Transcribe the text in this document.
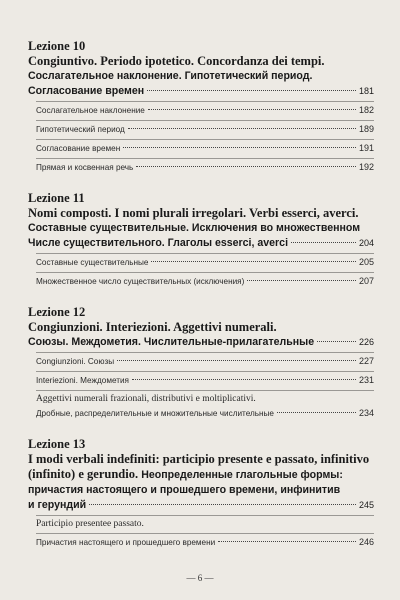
Lezione 10
Congiuntivo. Periodo ipotetico. Concordanza dei tempi.
Сослагательное наклонение. Гипотетический период.
Согласование времен	181
Сослагательное наклонение	182
Гипотетический период	189
Согласование времен	191
Прямая и косвенная речь	192
Lezione 11
Nomi composti. I nomi plurali irregolari. Verbi esserci, averci.
Составные существительные. Исключения во множественном
Числе существительного. Глаголы esserci, averci	204
Составные существительные	205
Множественное число существительных (исключения)	207
Lezione 12
Congiunzioni. Interiezioni. Aggettivi numerali.
Союзы. Междометия. Числительные-прилагательные	226
Congiunzioni. Союзы	227
Interiezioni. Междометия	231
Aggettivi numerali frazionali, distributivi e moltiplicativi.
Дробные, распределительные и множительные числительные	234
Lezione 13
I modi verbali indefiniti: participio presente e passato, infinitivo
(infinito) e gerundio. Неопределенные глагольные формы:
причастия настоящего и прошедшего времени, инфинитив
и герундий	245
Participio presentee passato.
Причастия настоящего и прошедшего времени	246
— 6 —
